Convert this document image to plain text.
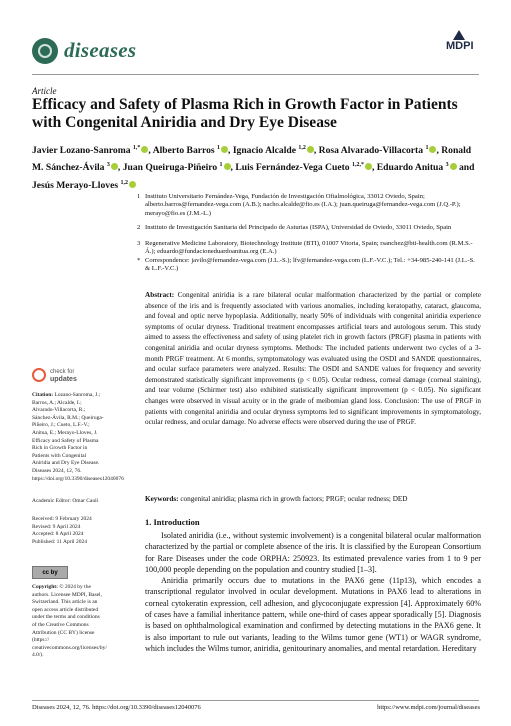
diseases	MDPI
Article
Efficacy and Safety of Plasma Rich in Growth Factor in Patients with Congenital Aniridia and Dry Eye Disease
Javier Lozano-Sanroma $^{1,*}$ , Alberto Barros $^1$ , Ignacio Alcalde $^{1,2}$ , Rosa Alvarado-Villacorta $^1$ , Ronald M. Sánchez-Ávila $^3$ , Juan Queiruga-Piñeiro $^1$ , Luis Fernández-Vega Cueto $^{1,2,*}$ , Eduardo Anitua $^3$ and Jesús Merayo-Lloves $^{1,2}$
1 Instituto Universitario Fernández-Vega, Fundación de Investigación Oftalmológica, 33012 Oviedo, Spain; alberto.barros@fernandez-vega.com (A.B.); nacho.alcalde@fio.es (I.A.); juan.queiruga@fernandez-vega.com (J.Q.-P.); merayo@fio.es (J.M.-L.)
2 Instituto de Investigación Sanitaria del Principado de Asturias (ISPA), Universidad de Oviedo, 33011 Oviedo, Spain
3 Regenerative Medicine Laboratory, Biotechnology Institute (BTI), 01007 Vitoria, Spain; rsanchez@bti-health.com (R.M.S.-Á.); eduardo@fundacioneduardoanitua.org (E.A.)
* Correspondence: javilo@fernandez-vega.com (J.L.-S.); lfv@fernandez-vega.com (L.F.-V.C.); Tel.: +34-985-240-141 (J.L.-S. & L.F.-V.C.)
Abstract: Congenital aniridia is a rare bilateral ocular malformation characterized by the partial or complete absence of the iris and is frequently associated with various anomalies, including keratopathy, cataract, glaucoma, and foveal and optic nerve hypoplasia. Additionally, nearly 50% of individuals with congenital aniridia experience symptoms of ocular dryness. Traditional treatment encompasses artificial tears and autologous serum. This study aimed to assess the effectiveness and safety of using platelet rich in growth factors (PRGF) plasma in patients with congenital aniridia and ocular dryness symptoms. Methods: The included patients underwent two cycles of a 3-month PRGF treatment. At 6 months, symptomatology was evaluated using the OSDI and SANDE questionnaires, and ocular surface parameters were analyzed. Results: The OSDI and SANDE values for frequency and severity demonstrated statistically significant improvements (p < 0.05). Ocular redness, corneal damage (corneal staining), and tear volume (Schirmer test) also exhibited statistically significant improvement (p < 0.05). No significant changes were observed in visual acuity or in the grade of meibomian gland loss. Conclusion: The use of PRGF in patients with congenital aniridia and ocular dryness symptoms led to significant improvements in symptomatology, ocular redness, and ocular damage. No adverse effects were observed during the use of PRGF.
Keywords: congenital aniridia; plasma rich in growth factors; PRGF; ocular redness; DED
1. Introduction

Isolated aniridia (i.e., without systemic involvement) is a congenital bilateral ocular malformation characterized by the partial or complete absence of the iris. It is classified by the European Consortium for Rare Diseases under the code ORPHA: 250923. Its estimated prevalence varies from 1 to 9 per 100,000 people depending on the population and country studied [1–3].

Aniridia primarily occurs due to mutations in the PAX6 gene (11p13), which encodes a transcriptional regulator involved in ocular development. Mutations in PAX6 lead to alterations in corneal cytokeratin expression, cell adhesion, and glycoconjugate expression [4]. Approximately 60% of cases have a familial inheritance pattern, while one-third of cases appear sporadically [5]. Diagnosis is based on ophthalmological examination and confirmed by detecting mutations in the PAX6 gene. It is also important to rule out variants, leading to the Wilms tumor gene (WT1) or WAGR syndrome, which includes the Wilms tumor, aniridia, genitourinary anomalies, and mental retardation. Hereditary

check for
updates
Citation: Lozano-Sanroma, J.; Barros, A.; Alcalde, I.; Alvarado-Villacorta, R.; Sánchez-Ávila, R.M.; Queiruga-Piñeiro, J.; Cueto, L.F.-V.; Anitua, E.; Merayo-Lloves, J. Efficacy and Safety of Plasma Rich in Growth Factor in Patients with Congenital Aniridia and Dry Eye Disease. Diseases 2024, 12, 76. https://doi.org/10.3390/diseases12040076
Academic Editor: Omar Cauli
Received: 9 February 2024
Revised: 9 April 2024
Accepted: 8 April 2024
Published: 11 April 2024
cc by
Copyright: © 2024 by the authors. Licensee MDPI, Basel, Switzerland. This article is an open access article distributed under the terms and conditions of the Creative Commons Attribution (CC BY) license (https:// creativecommons.org/licenses/by/ 4.0/).
Diseases 2024, 12, 76. https://doi.org/10.3390/diseases12040076	https://www.mdpi.com/journal/diseases
